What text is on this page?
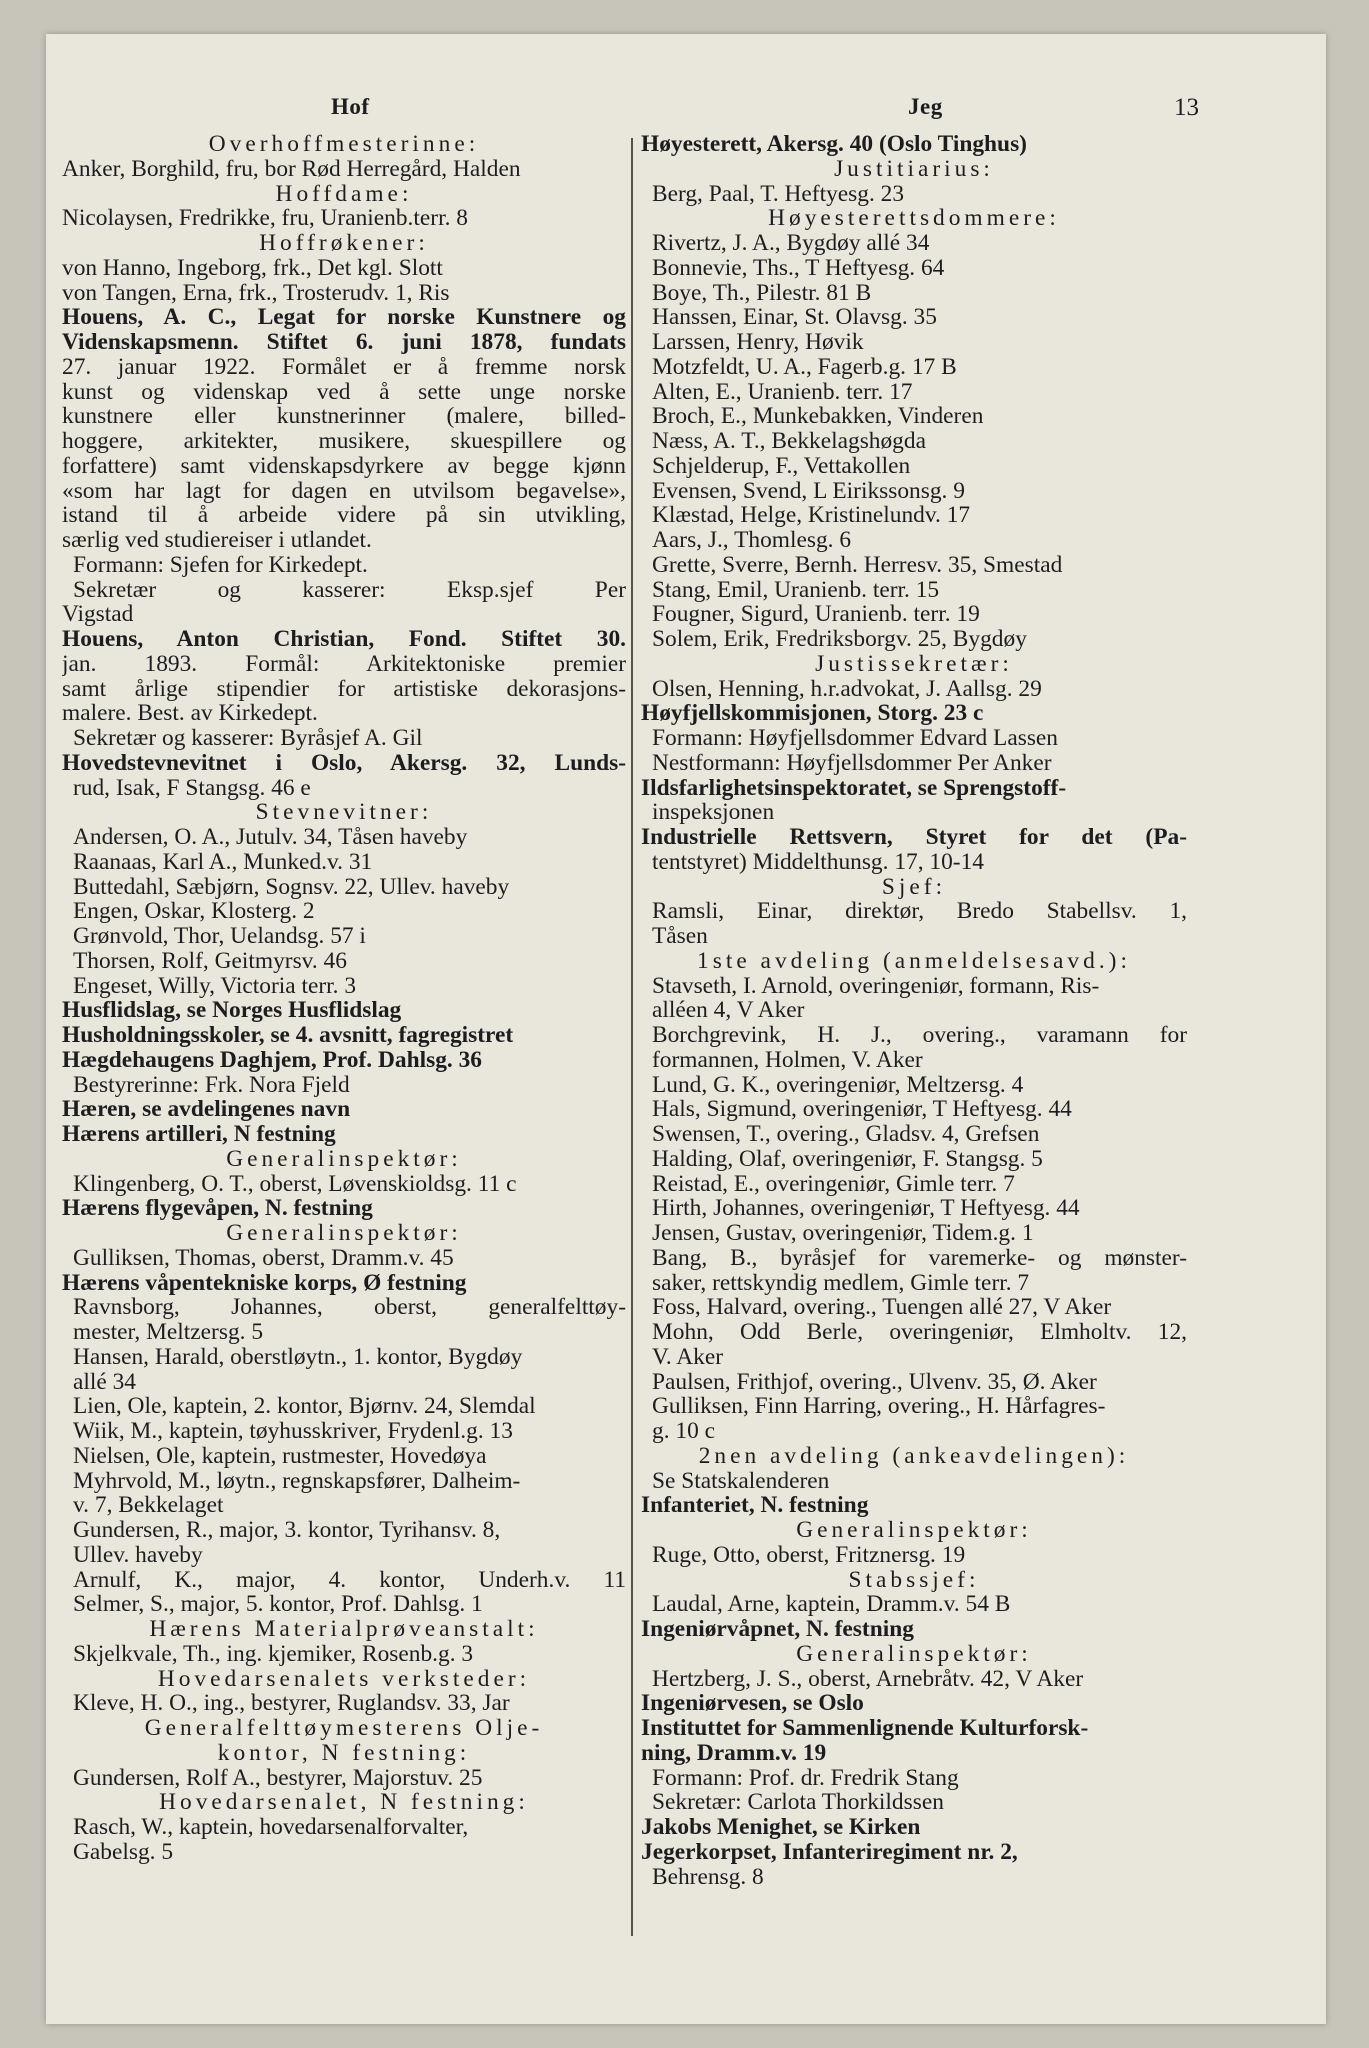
Hof	Jeg	13
Overhoffmesterinne:
Anker, Borghild, fru, bor Rød Herregård, Halden
Hoffdame:
Nicolaysen, Fredrikke, fru, Uranienb.terr. 8
Hoffrøkener:
von Hanno, Ingeborg, frk., Det kgl. Slott
von Tangen, Erna, frk., Trosterudv. 1, Ris
Houens, A. C., Legat for norske Kunstnere og
Videnskapsmenn. Stiftet 6. juni 1878, fundats
27. januar 1922. Formålet er å fremme norsk
kunst og videnskap ved å sette unge norske
kunstnere eller kunstnerinner (malere, billed-
hoggere, arkitekter, musikere, skuespillere og
forfattere) samt videnskapsdyrkere av begge kjønn
«som har lagt for dagen en utvilsom begavelse»,
istand til å arbeide videre på sin utvikling,
særlig ved studiereiser i utlandet.
Formann: Sjefen for Kirkedept.
Sekretær og kasserer: Eksp.sjef Per
Vigstad
Houens, Anton Christian, Fond. Stiftet 30.
jan. 1893. Formål: Arkitektoniske premier
samt årlige stipendier for artistiske dekorasjons-
malere. Best. av Kirkedept.
Sekretær og kasserer: Byråsjef A. Gil
Hovedstevnevitnet i Oslo, Akersg. 32, Lunds-
rud, Isak, F Stangsg. 46 e
Stevnevitner:
Andersen, O. A., Jutulv. 34, Tåsen haveby
Raanaas, Karl A., Munked.v. 31
Buttedahl, Sæbjørn, Sognsv. 22, Ullev. haveby
Engen, Oskar, Klosterg. 2
Grønvold, Thor, Uelandsg. 57 i
Thorsen, Rolf, Geitmyrsv. 46
Engeset, Willy, Victoria terr. 3
Husflidslag, se Norges Husflidslag
Husholdningsskoler, se 4. avsnitt, fagregistret
Hægdehaugens Daghjem, Prof. Dahlsg. 36
Bestyrerinne: Frk. Nora Fjeld
Hæren, se avdelingenes navn
Hærens artilleri, N festning
Generalinspektør:
Klingenberg, O. T., oberst, Løvenskioldsg. 11 c
Hærens flygevåpen, N. festning
Generalinspektør:
Gulliksen, Thomas, oberst, Dramm.v. 45
Hærens våpentekniske korps, Ø festning
Ravnsborg, Johannes, oberst, generalfelttøy-
mester, Meltzersg. 5
Hansen, Harald, oberstløytn., 1. kontor, Bygdøy
allé 34
Lien, Ole, kaptein, 2. kontor, Bjørnv. 24, Slemdal
Wiik, M., kaptein, tøyhusskriver, Frydenl.g. 13
Nielsen, Ole, kaptein, rustmester, Hovedøya
Myhrvold, M., løytn., regnskapsfører, Dalheim-
v. 7, Bekkelaget
Gundersen, R., major, 3. kontor, Tyrihansv. 8,
Ullev. haveby
Arnulf, K., major, 4. kontor, Underh.v. 11
Selmer, S., major, 5. kontor, Prof. Dahlsg. 1
Hærens Materialprøveanstalt:
Skjelkvale, Th., ing. kjemiker, Rosenb.g. 3
Hovedarsenalets verksteder:
Kleve, H. O., ing., bestyrer, Ruglandsv. 33, Jar
Generalfelttøymesterens Olje-
kontor, N festning:
Gundersen, Rolf A., bestyrer, Majorstuv. 25
Hovedarsenalet, N festning:
Rasch, W., kaptein, hovedarsenalforvalter,
Gabelsg. 5
Høyesterett, Akersg. 40 (Oslo Tinghus)
Justitiarius:
Berg, Paal, T. Heftyesg. 23
Høyesterettsdommere:
Rivertz, J. A., Bygdøy allé 34
Bonnevie, Ths., T Heftyesg. 64
Boye, Th., Pilestr. 81 B
Hanssen, Einar, St. Olavsg. 35
Larssen, Henry, Høvik
Motzfeldt, U. A., Fagerb.g. 17 B
Alten, E., Uranienb. terr. 17
Broch, E., Munkebakken, Vinderen
Næss, A. T., Bekkelagshøgda
Schjelderup, F., Vettakollen
Evensen, Svend, L Eirikssonsg. 9
Klæstad, Helge, Kristinelundv. 17
Aars, J., Thomlesg. 6
Grette, Sverre, Bernh. Herresv. 35, Smestad
Stang, Emil, Uranienb. terr. 15
Fougner, Sigurd, Uranienb. terr. 19
Solem, Erik, Fredriksborgv. 25, Bygdøy
Justissekretær:
Olsen, Henning, h.r.advokat, J. Aallsg. 29
Høyfjellskommisjonen, Storg. 23 c
Formann: Høyfjellsdommer Edvard Lassen
Nestformann: Høyfjellsdommer Per Anker
Ildsfarlighetsinspektoratet, se Sprengstoff-
inspeksjonen
Industrielle Rettsvern, Styret for det (Pa-
tentstyret) Middelthunsg. 17, 10-14
Sjef:
Ramsli, Einar, direktør, Bredo Stabellsv. 1,
Tåsen
1ste avdeling (anmeldelsesavd.):
Stavseth, I. Arnold, overingeniør, formann, Ris-
alléen 4, V Aker
Borchgrevink, H. J., overing., varamann for
formannen, Holmen, V. Aker
Lund, G. K., overingeniør, Meltzersg. 4
Hals, Sigmund, overingeniør, T Heftyesg. 44
Swensen, T., overing., Gladsv. 4, Grefsen
Halding, Olaf, overingeniør, F. Stangsg. 5
Reistad, E., overingeniør, Gimle terr. 7
Hirth, Johannes, overingeniør, T Heftyesg. 44
Jensen, Gustav, overingeniør, Tidem.g. 1
Bang, B., byråsjef for varemerke- og mønster-
saker, rettskyndig medlem, Gimle terr. 7
Foss, Halvard, overing., Tuengen allé 27, V Aker
Mohn, Odd Berle, overingeniør, Elmholtv. 12,
V. Aker
Paulsen, Frithjof, overing., Ulvenv. 35, Ø. Aker
Gulliksen, Finn Harring, overing., H. Hårfagres-
g. 10 c
2nen avdeling (ankeavdelingen):
Se Statskalenderen
Infanteriet, N. festning
Generalinspektør:
Ruge, Otto, oberst, Fritznersg. 19
Stabssjef:
Laudal, Arne, kaptein, Dramm.v. 54 B
Ingeniørvåpnet, N. festning
Generalinspektør:
Hertzberg, J. S., oberst, Arnebråtv. 42, V Aker
Ingeniørvesen, se Oslo
Instituttet for Sammenlignende Kulturforsk-
ning, Dramm.v. 19
Formann: Prof. dr. Fredrik Stang
Sekretær: Carlota Thorkildssen
Jakobs Menighet, se Kirken
Jegerkorpset, Infanteriregiment nr. 2,
Behrensg. 8
